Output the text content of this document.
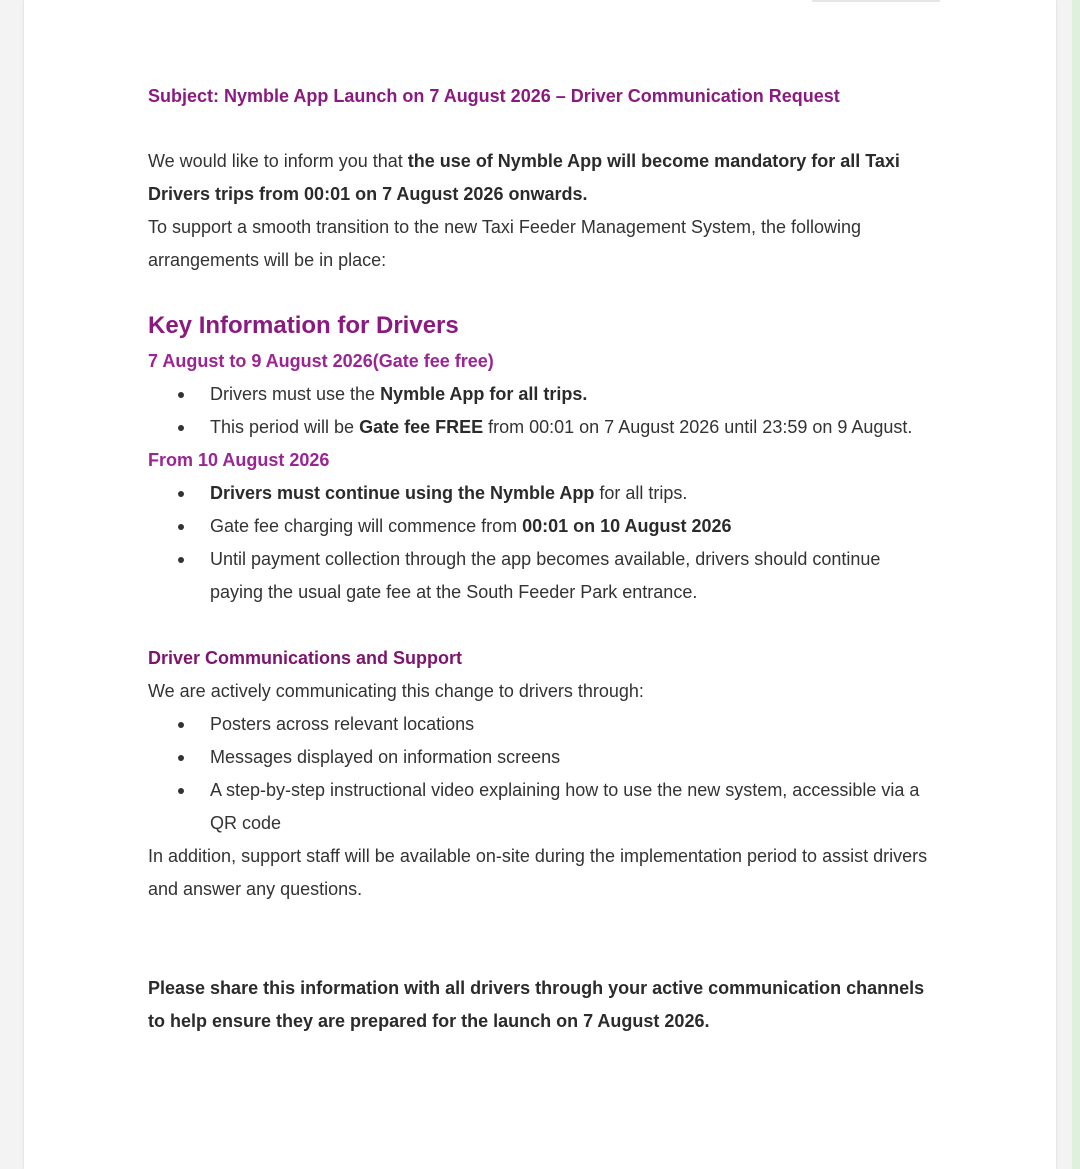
Subject: Nymble App Launch on 7 August 2026 – Driver Communication Request

We would like to inform you that the use of Nymble App will become mandatory for all Taxi Drivers trips from 00:01 on 7 August 2026 onwards.

To support a smooth transition to the new Taxi Feeder Management System, the following arrangements will be in place:

Key Information for Drivers

7 August to 9 August 2026(Gate fee free)

Drivers must use the Nymble App for all trips.
This period will be Gate fee FREE from 00:01 on 7 August 2026 until 23:59 on 9 August.

From 10 August 2026

Drivers must continue using the Nymble App for all trips.
Gate fee charging will commence from 00:01 on 10 August 2026
Until payment collection through the app becomes available, drivers should continue paying the usual gate fee at the South Feeder Park entrance.

Driver Communications and Support

We are actively communicating this change to drivers through:

Posters across relevant locations
Messages displayed on information screens
A step-by-step instructional video explaining how to use the new system, accessible via a QR code

In addition, support staff will be available on-site during the implementation period to assist drivers and answer any questions.

Please share this information with all drivers through your active communication channels to help ensure they are prepared for the launch on 7 August 2026.
